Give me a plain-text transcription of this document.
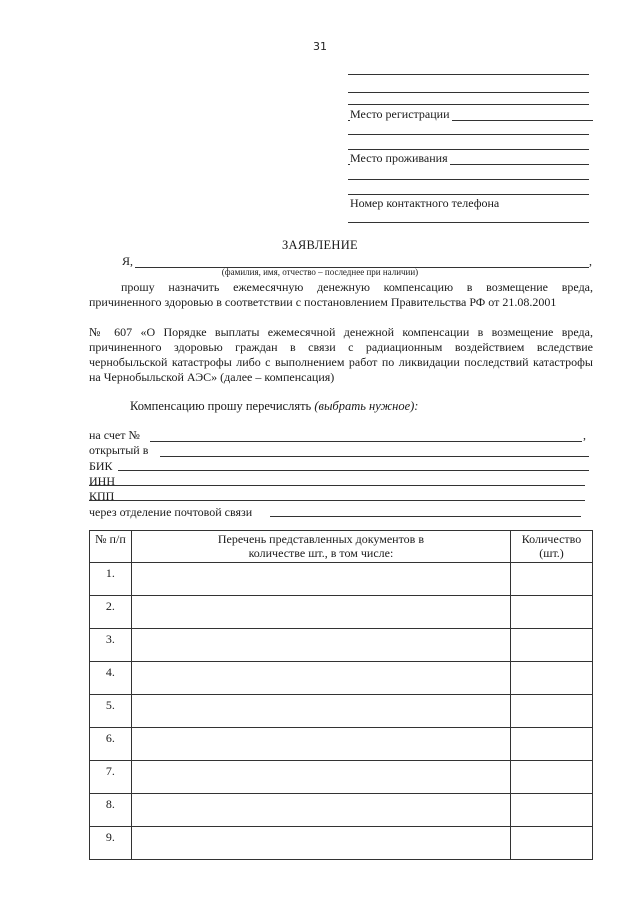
31
Место регистрации
Место проживания
Номер контактного телефона
ЗАЯВЛЕНИЕ
Я,	,
(фамилия, имя, отчество – последнее при наличии)
прошу назначить ежемесячную денежную компенсацию в возмещение вреда, причиненного здоровью в соответствии с постановлением Правительства РФ от 21.08.2001
№ 607 «О Порядке выплаты ежемесячной денежной компенсации в возмещение вреда, причиненного здоровью граждан в связи с радиационным воздействием вследствие чернобыльской катастрофы либо с выполнением работ по ликвидации последствий катастрофы на Чернобыльской АЭС» (далее – компенсация)
Компенсацию прошу перечислять (выбрать нужное):
на счет №	,
открытый в
БИК
ИНН
КПП
через отделение почтовой связи
№ п/п	Перечень представленных документов в количестве шт., в том числе:	Количество (шт.)
1.		
2.		
3.		
4.		
5.		
6.		
7.		
8.		
9.		
